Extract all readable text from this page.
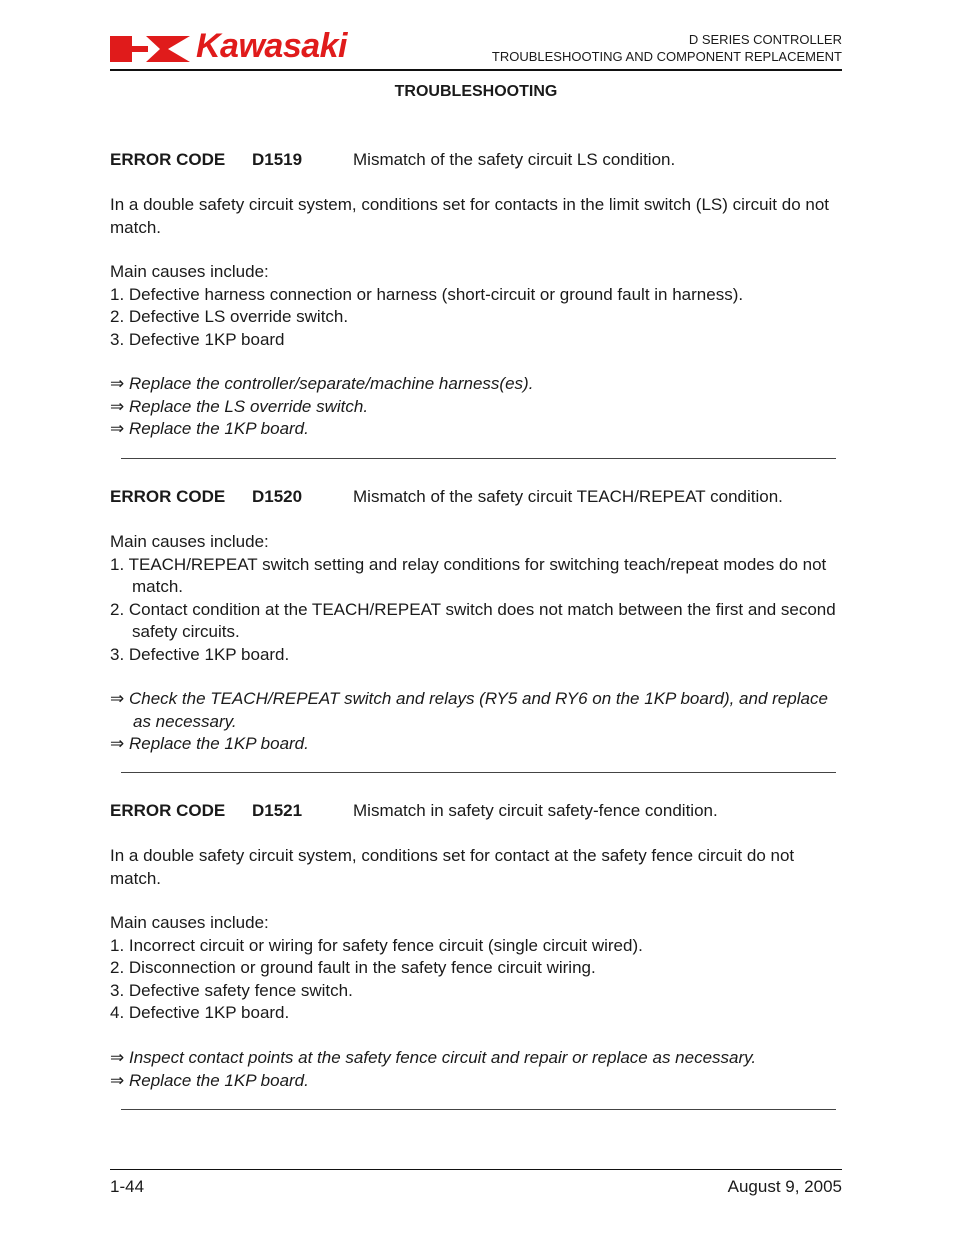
Kawasaki	D SERIES CONTROLLER
TROUBLESHOOTING AND COMPONENT REPLACEMENT
TROUBLESHOOTING
ERROR CODE D1519	Mismatch of the safety circuit LS condition.
In a double safety circuit system, conditions set for contacts in the limit switch (LS) circuit do not match.
Main causes include:
1. Defective harness connection or harness (short-circuit or ground fault in harness).
2. Defective LS override switch.
3. Defective 1KP board
⇒ Replace the controller/separate/machine harness(es).
⇒ Replace the LS override switch.
⇒ Replace the 1KP board.
ERROR CODE D1520	Mismatch of the safety circuit TEACH/REPEAT condition.
Main causes include:
1. TEACH/REPEAT switch setting and relay conditions for switching teach/repeat modes do not match.
2. Contact condition at the TEACH/REPEAT switch does not match between the first and second safety circuits.
3. Defective 1KP board.
⇒ Check the TEACH/REPEAT switch and relays (RY5 and RY6 on the 1KP board), and replace as necessary.
⇒ Replace the 1KP board.
ERROR CODE D1521	Mismatch in safety circuit safety-fence condition.
In a double safety circuit system, conditions set for contact at the safety fence circuit do not match.
Main causes include:
1. Incorrect circuit or wiring for safety fence circuit (single circuit wired).
2. Disconnection or ground fault in the safety fence circuit wiring.
3. Defective safety fence switch.
4. Defective 1KP board.
⇒ Inspect contact points at the safety fence circuit and repair or replace as necessary.
⇒ Replace the 1KP board.
1-44	August 9, 2005
